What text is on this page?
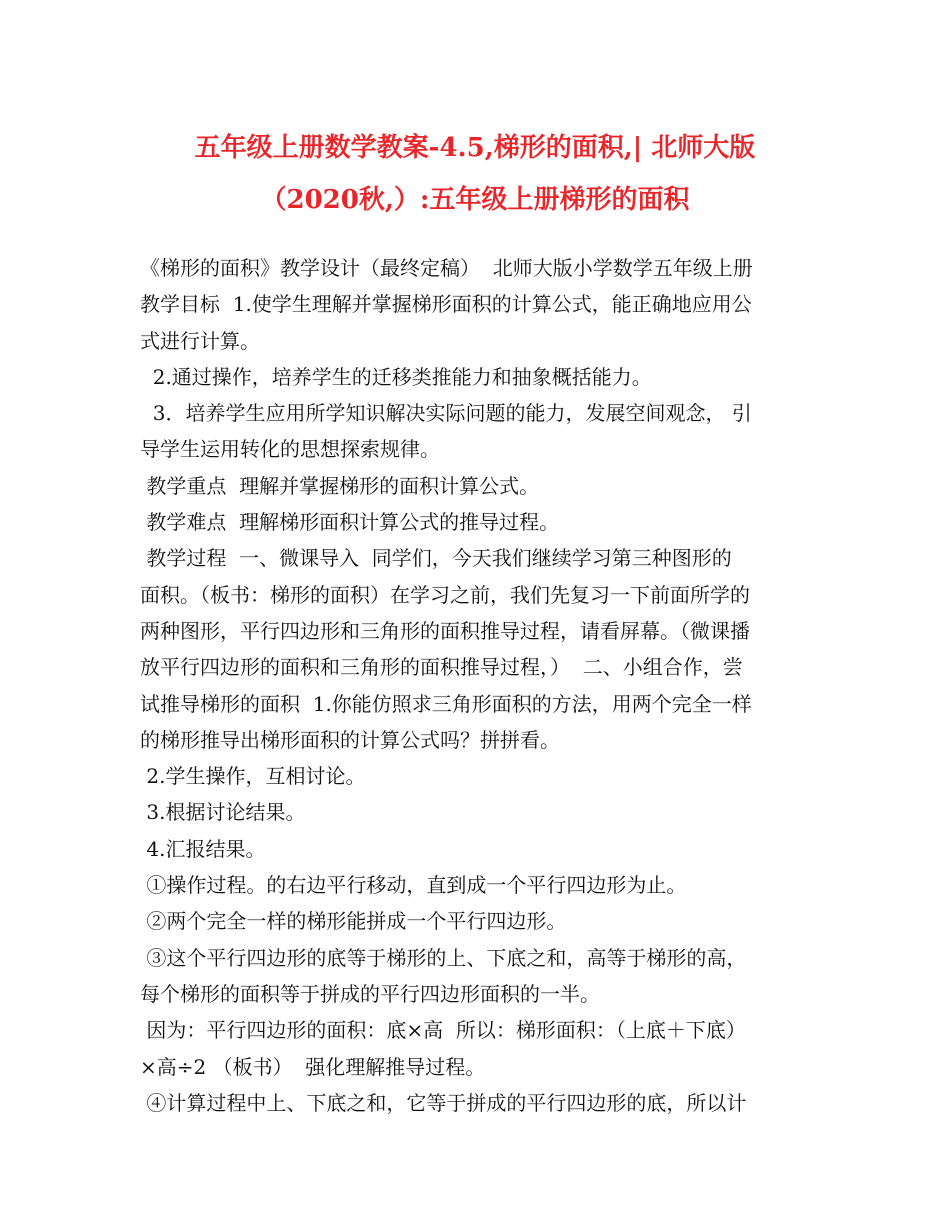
五年级上册数学教案-4.5,梯形的面积,| 北师大版
（2020秋,）:五年级上册梯形的面积
《梯形的面积》教学设计（最终定稿）  北师大版小学数学五年级上册
教学目标  1.使学生理解并掌握梯形面积的计算公式，能正确地应用公
式进行计算。
2.通过操作，培养学生的迁移类推能力和抽象概括能力。
3．培养学生应用所学知识解决实际问题的能力，发展空间观念， 引
导学生运用转化的思想探索规律。
教学重点  理解并掌握梯形的面积计算公式。
教学难点  理解梯形面积计算公式的推导过程。
教学过程  一、微课导入  同学们，今天我们继续学习第三种图形的
面积。（板书：梯形的面积）在学习之前，我们先复习一下前面所学的
两种图形，平行四边形和三角形的面积推导过程，请看屏幕。（微课播
放平行四边形的面积和三角形的面积推导过程，）  二、小组合作，尝
试推导梯形的面积  1.你能仿照求三角形面积的方法，用两个完全一样
的梯形推导出梯形面积的计算公式吗？拼拼看。
2.学生操作，互相讨论。
3.根据讨论结果。
4.汇报结果。
①操作过程。的右边平行移动，直到成一个平行四边形为止。
②两个完全一样的梯形能拼成一个平行四边形。
③这个平行四边形的底等于梯形的上、下底之和，高等于梯形的高，
每个梯形的面积等于拼成的平行四边形面积的一半。
因为：平行四边形的面积：底×高  所以：梯形面积：（上底＋下底）
×高÷2 （板书）  强化理解推导过程。
④计算过程中上、下底之和，它等于拼成的平行四边形的底，所以计
